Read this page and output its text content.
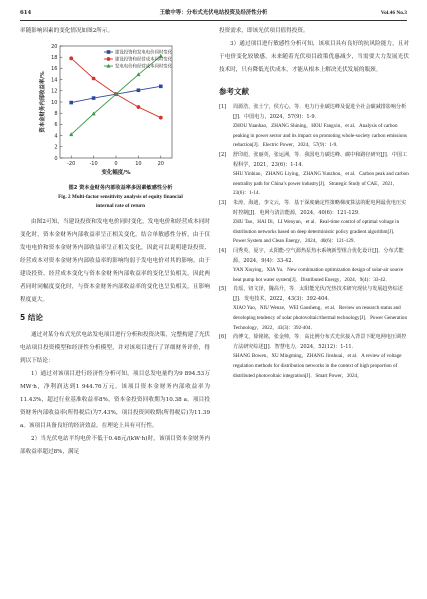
614	王敏中等：分布式光伏电站投资及经济性分析	Vol.46 No.3

率随影响因素的变化情况如图2所示。

0
2
4
6
8
10
12
14
16
18
20
-20	-10	0	10	20
变化幅度/%
资本金财务内部收益率/%
建设投资和发电电价同时变化
建设投资和经营成本同时变化
发电电价和经营成本同时变化

图2 资本金财务内部收益率多因素敏感性分析

Fig. 2 Multi-factor sensitivity analysis of equity financial

internal rate of return

由图2可知，当建设投资和发电电价同时变化，发电电价和经营成本同时变化时，资本金财务内部收益率呈正相关变化。结合单敏感性分析，由于仅发电电价和资本金财务内部收益率呈正相关变化，因此可以说明建设投资、经营成本对资本金财务内部收益率的影响均弱于发电电价对其的影响。由于建设投资、经营成本变化与资本金财务内部收益率的变化呈负相关，因此两者同时同幅度变化时，与资本金财务内部收益率的变化也呈负相关，且影响程度更大。

5 结论

通过对某分布式光伏电站发电项目进行分析和投资决策，完整构建了光伏电站项目投资模型和经济性分析模型，并对该项目进行了详细财务评价，得到以下结论：

1）通过对该项目进行经济性分析可知，项目总发电量约为9 894.53万MW·h，净利润达到1 944.76万元。该项目资本金财务内部收益率为11.43%，超过行业基准收益率8%，资本金投资回收期为10.38 a。项目投资财务内部收益率(所得税后)为7.43%，项目投资回收期(所得税后)为11.39 a。该项目具备良好的经济效益，在理论上具有可行性。

2）当光伏电站平均电价不低于0.48元/(kW·h)时，该项目资本金财务内部收益率超过8%，满足

投资需求，即该光伏项目值得投资。

3）通过项目进行敏感性分析可知，该项目具有良好的抗风险能力，且对于电价变化较敏感。未来随着光伏项目政策优惠减少，当需要大力发展光伏技术时，只有降低光伏成本，才能从根本上解决光伏发展的瓶颈。

参考文献
[1] 周源浩，张士宁，侯方心，等．电力行业碳达峰及促进全社会碳减排影响分析[J]．中国电力，2024，57(9)：1-9．
ZHOU Yuanhao，ZHANG Shining，HOU Fangxin，et al．Analysis of carbon peaking in power sector and its impact on promoting whole-society carbon emissions reduction[J]．Electric Power，2024，57(9)：1-9．
[2] 舒印彪，张丽英，张运洲，等．我国电力碳达峰、碳中和路径研究[J]．中国工程科学，2021，23(6)：1-14．
SHU Yinbiao，ZHANG Liying，ZHANG Yunzhou，et al．Carbon peak and carbon neutrality path for China’s power industry[J]．Strategic Study of CAE，2021，23(6)：1-14．
[3] 朱涛，海迪，李文云，等．基于深度确定性策略梯度算法的配电网最优电压实时控制[J]．电网与清洁能源，2024，40(6)：121-129．
ZHU Tao，HAI Di，LI Wenyun，et al．Real-time control of optimal voltage in distribution networks based on deep deterministic policy gradient algorithm[J]．Power System and Clean Energy，2024，40(6)：121-129．
[4] 闫秀英，夏宇，太阳能-空气源热泵热水系统新型组合优化设计[J]．分布式能源，2024，9(4)：33-42．
YAN Xiuying，XIA Yu．New combination optimization design of solar-air source heat pump hot water system[J]．Distributed Energy，2024，9(4)：33-42．
[5] 肖瑶，钮文泽，魏高升，等．太阳能光伏/光热技术研究现状与发展趋势综述[J]．发电技术，2022，43(3)：392-404．
XIAO Yao，NIU Wenze，WEI Gaosheng，et al．Review on research status and developing tendency of solar photovoltaic/thermal technology[J]．Power Generation Technology，2022，43(3)：392-404．
[6] 尚博文，徐铭铭，张金帅，等．高比例分布式光伏接入背景下配电网电压调控方法研究综述[J]．智慧电力，2024，52(12)：1-11．
SHANG Bowen，XU Mingming，ZHANG Jinshuai，et al．A review of voltage regulation methods for distribution networks in the context of high proportion of distributed photovoltaic integration[J]．Smart Power，2024，
